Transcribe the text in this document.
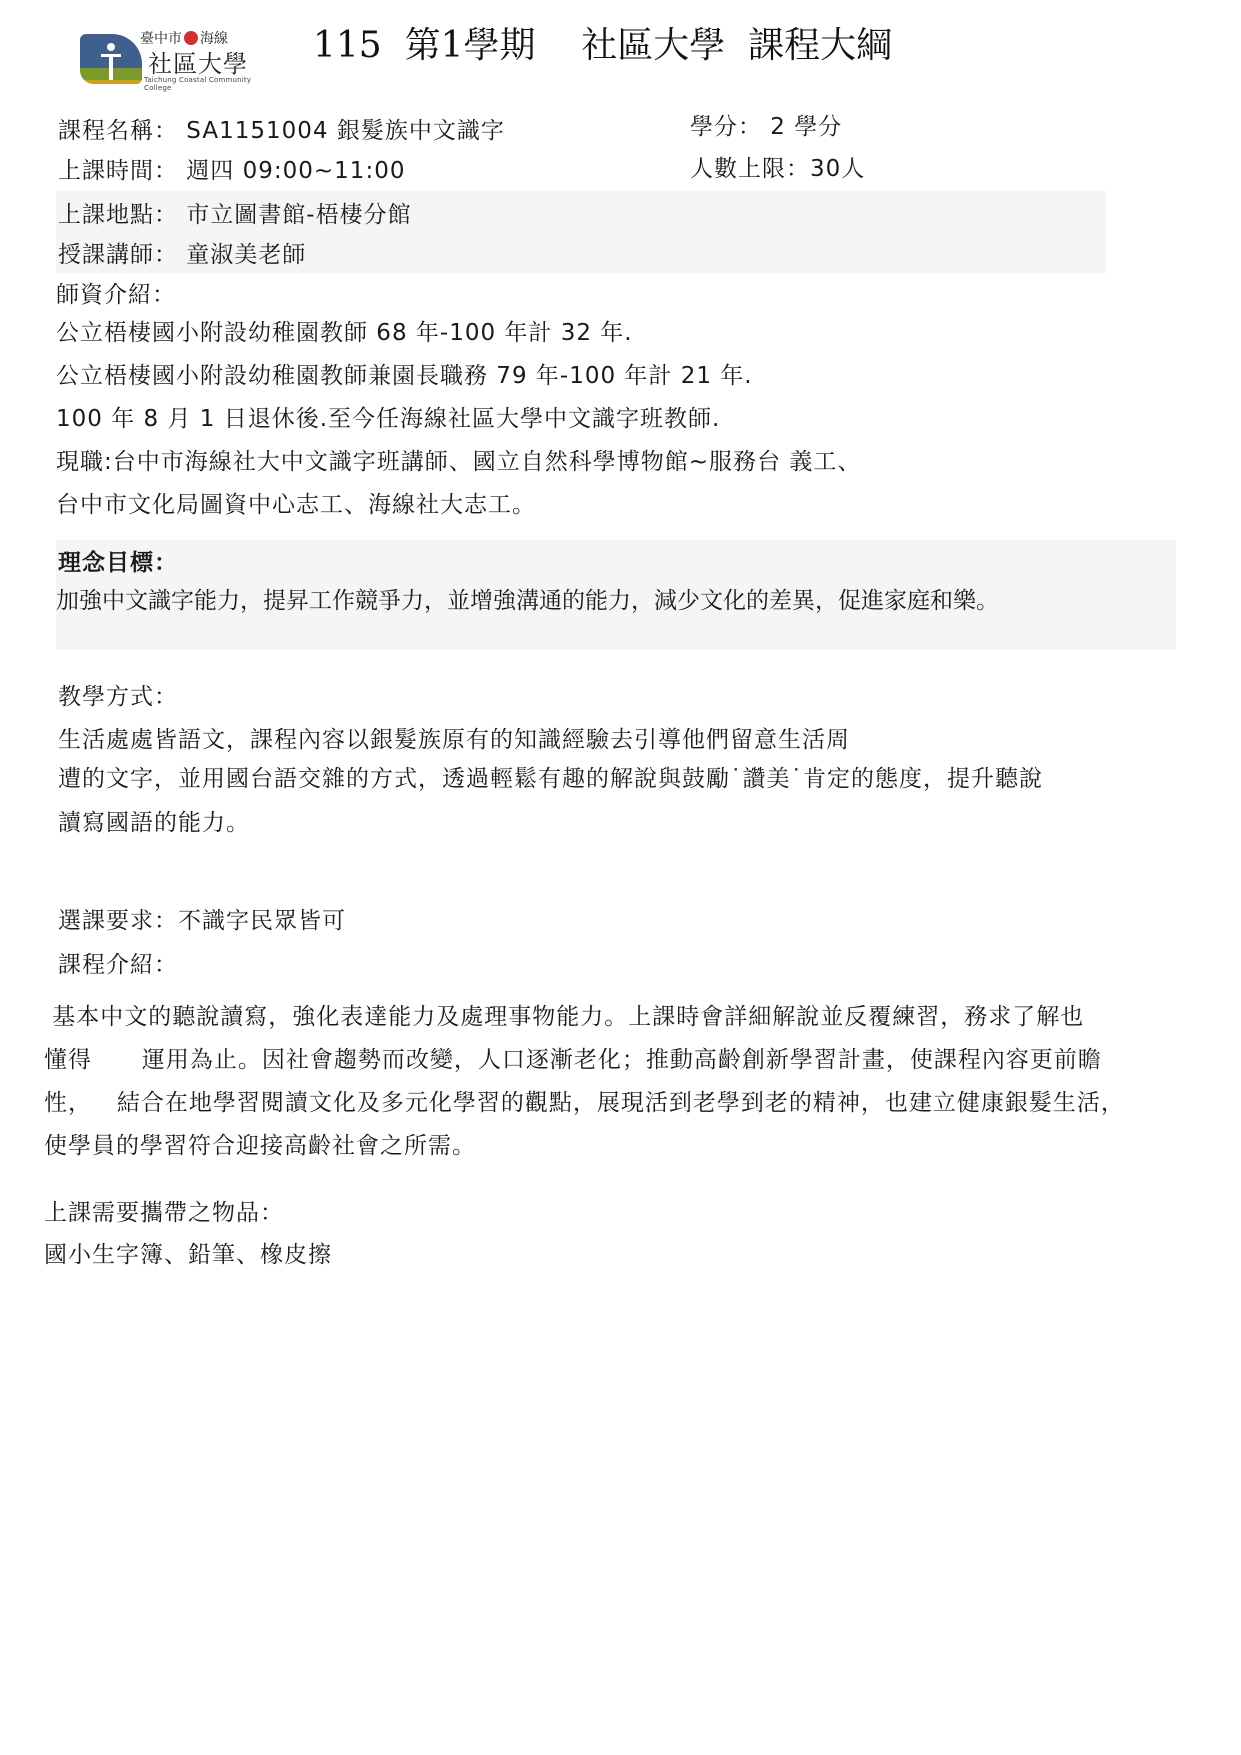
臺中市 海線
社區大學
Taichung Coastal Community College
115  第1學期    社區大學  課程大綱
課程名稱： SA1151004 銀髮族中文識字	學分： 2 學分
上課時間： 週四 09:00~11:00	人數上限：30人
上課地點： 市立圖書館-梧棲分館
授課講師： 童淑美老師
師資介紹：
公立梧棲國小附設幼稚園教師 68 年-100 年計 32 年.
公立梧棲國小附設幼稚園教師兼園長職務 79 年-100 年計 21 年.
100 年 8 月 1 日退休後.至今任海線社區大學中文識字班教師.
現職:台中市海線社大中文識字班講師、國立自然科學博物館~服務台 義工、
台中市文化局圖資中心志工、海線社大志工。
理念目標：
加強中文識字能力，提昇工作競爭力，並增強溝通的能力，減少文化的差異，促進家庭和樂。
教學方式：
生活處處皆語文，課程內容以銀髮族原有的知識經驗去引導他們留意生活周
遭的文字，並用國台語交雜的方式，透過輕鬆有趣的解說與鼓勵˙讚美˙肯定的態度，提升聽說
讀寫國語的能力。
選課要求：不識字民眾皆可
課程介紹：
基本中文的聽說讀寫，強化表達能力及處理事物能力。上課時會詳細解說並反覆練習，務求了解也
懂得      運用為止。因社會趨勢而改變，人口逐漸老化；推動高齡創新學習計畫，使課程內容更前瞻
性，   結合在地學習閱讀文化及多元化學習的觀點，展現活到老學到老的精神，也建立健康銀髮生活，
使學員的學習符合迎接高齡社會之所需。
上課需要攜帶之物品：
國小生字簿、鉛筆、橡皮擦
